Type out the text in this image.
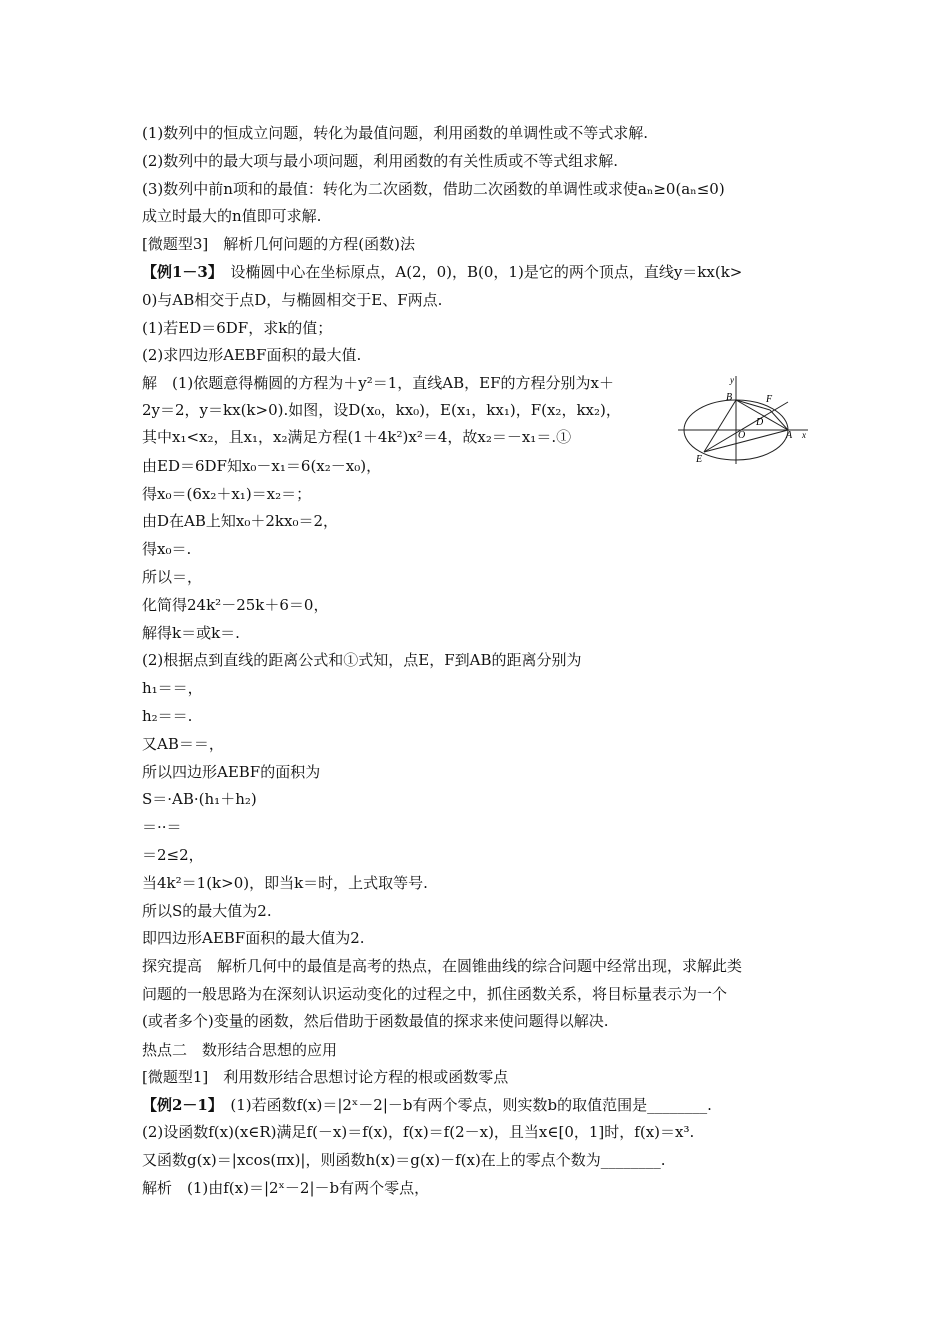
(1)数列中的恒成立问题，转化为最值问题，利用函数的单调性或不等式求解.
(2)数列中的最大项与最小项问题，利用函数的有关性质或不等式组求解.
(3)数列中前n项和的最值：转化为二次函数，借助二次函数的单调性或求使aₙ≥0(aₙ≤0)
成立时最大的n值即可求解.
[微题型3]　解析几何问题的方程(函数)法
【例1－3】　设椭圆中心在坐标原点，A(2，0)，B(0，1)是它的两个顶点，直线y＝kx(k>
0)与AB相交于点D，与椭圆相交于E、F两点.
(1)若ED＝6DF，求k的值；
(2)求四边形AEBF面积的最大值.
解　(1)依题意得椭圆的方程为＋y²＝1，直线AB，EF的方程分别为x＋
2y＝2，y＝kx(k>0).如图，设D(x₀，kx₀)，E(x₁，kx₁)，F(x₂，kx₂)，
其中x₁<x₂，且x₁，x₂满足方程(1＋4k²)x²＝4，故x₂＝－x₁＝.①
由ED＝6DF知x₀－x₁＝6(x₂－x₀)，
得x₀＝(6x₂＋x₁)＝x₂＝；
由D在AB上知x₀＋2kx₀＝2，
得x₀＝.
所以＝，
化简得24k²－25k＋6＝0，
解得k＝或k＝.
(2)根据点到直线的距离公式和①式知，点E，F到AB的距离分别为
h₁＝＝，
h₂＝＝.
又AB＝＝，
所以四边形AEBF的面积为
S＝·AB·(h₁＋h₂)
＝··＝
＝2≤2，
当4k²＝1(k>0)，即当k＝时，上式取等号.
所以S的最大值为2.
即四边形AEBF面积的最大值为2.
探究提高　解析几何中的最值是高考的热点，在圆锥曲线的综合问题中经常出现，求解此类
问题的一般思路为在深刻认识运动变化的过程之中，抓住函数关系，将目标量表示为一个
(或者多个)变量的函数，然后借助于函数最值的探求来使问题得以解决.
热点二　数形结合思想的应用
[微题型1]　利用数形结合思想讨论方程的根或函数零点
【例2－1】　(1)若函数f(x)＝|2ˣ－2|－b有两个零点，则实数b的取值范围是________.
(2)设函数f(x)(x∈R)满足f(－x)＝f(x)，f(x)＝f(2－x)，且当x∈[0，1]时，f(x)＝x³.
又函数g(x)＝|xcos(πx)|，则函数h(x)＝g(x)－f(x)在上的零点个数为________.
解析　(1)由f(x)＝|2ˣ－2|－b有两个零点，
y
B	F
D
O	A x
E
